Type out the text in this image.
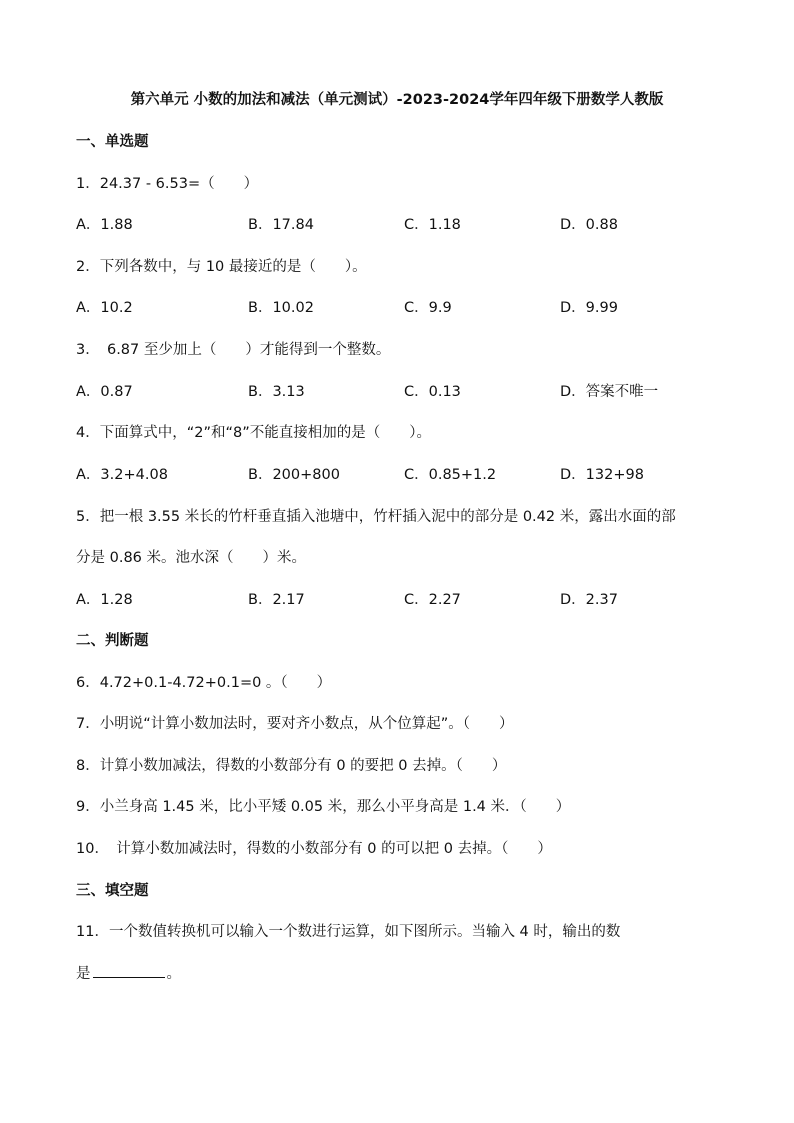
第六单元 小数的加法和减法（单元测试）-2023-2024学年四年级下册数学人教版
一、单选题
1．24.37 - 6.53=（　　）
A．1.88	B．17.84	C．1.18	D．0.88
2．下列各数中，与 10 最接近的是（　　）。
A．10.2	B．10.02	C．9.9	D．9.99
3．　6.87 至少加上（　　）才能得到一个整数。
A．0.87	B．3.13	C．0.13	D．答案不唯一
4．下面算式中，“2”和“8”不能直接相加的是（　　）。
A．3.2+4.08	B．200+800	C．0.85+1.2	D．132+98
5．把一根 3.55 米长的竹杆垂直插入池塘中，竹杆插入泥中的部分是 0.42 米，露出水面的部
分是 0.86 米。池水深（　　）米。
A．1.28	B．2.17	C．2.27	D．2.37
二、判断题
6．4.72+0.1-4.72+0.1=0 。（　　）
7．小明说“计算小数加法时，要对齐小数点，从个位算起”。（　　）
8．计算小数加减法，得数的小数部分有 0 的要把 0 去掉。（　　）
9．小兰身高 1.45 米，比小平矮 0.05 米，那么小平身高是 1.4 米．（　　）
10．　计算小数加减法时，得数的小数部分有 0 的可以把 0 去掉。（　　）
三、填空题
11．一个数值转换机可以输入一个数进行运算，如下图所示。当输入 4 时，输出的数
是	。
